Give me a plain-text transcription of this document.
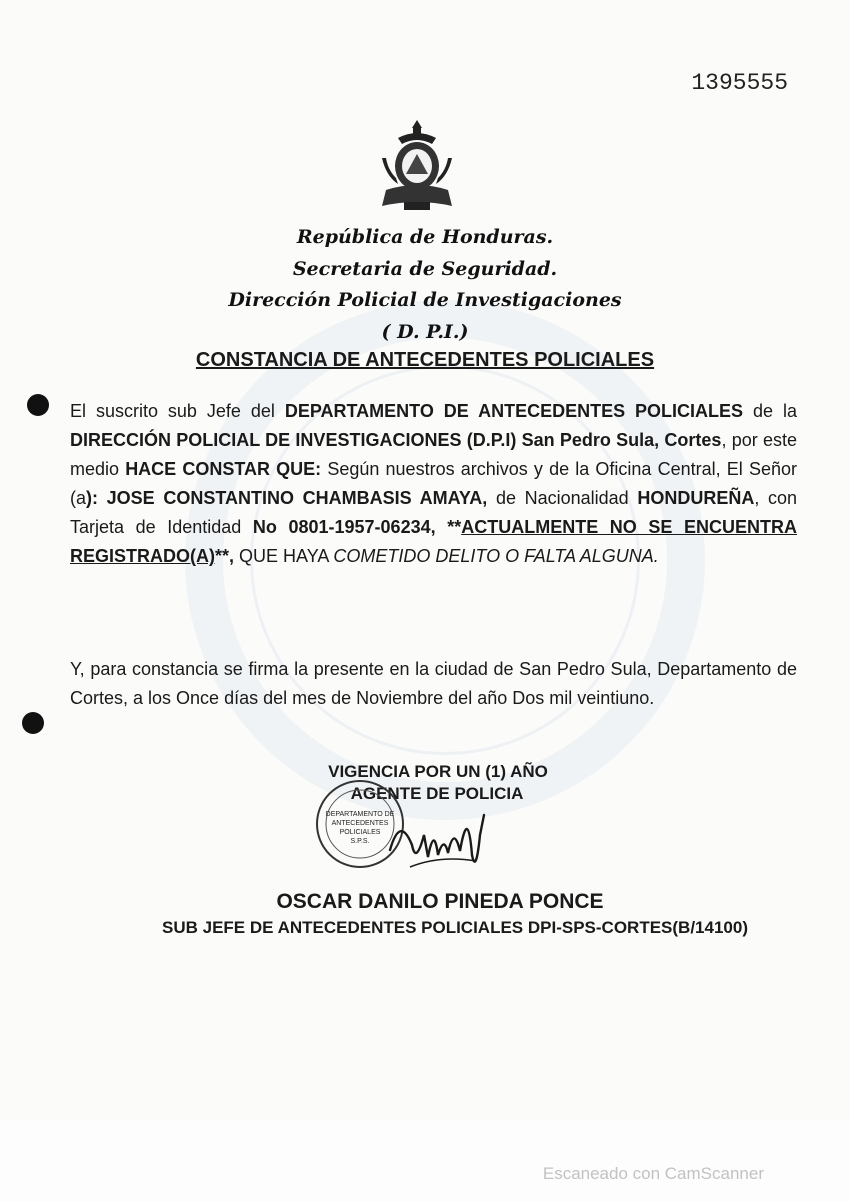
1395555
República de Honduras.
Secretaria de Seguridad.
Dirección Policial de Investigaciones
( D. P.I.)
CONSTANCIA DE ANTECEDENTES POLICIALES
El suscrito sub Jefe del DEPARTAMENTO DE ANTECEDENTES POLICIALES de la DIRECCIÓN POLICIAL DE INVESTIGACIONES (D.P.I) San Pedro Sula, Cortes, por este medio HACE CONSTAR QUE: Según nuestros archivos y de la Oficina Central, El Señor (a): JOSE CONSTANTINO CHAMBASIS AMAYA, de Nacionalidad HONDUREÑA, con Tarjeta de Identidad No 0801-1957-06234, **ACTUALMENTE NO SE ENCUENTRA REGISTRADO(A)**, QUE HAYA COMETIDO DELITO O FALTA ALGUNA.
Y, para constancia se firma la presente en la ciudad de San Pedro Sula, Departamento de Cortes, a los Once días del mes de Noviembre del año Dos mil veintiuno.
VIGENCIA POR UN (1) AÑO
AGENTE DE POLICIA
DEPARTAMENTO DE
ANTECEDENTES
POLICIALES
S.P.S.
OSCAR DANILO PINEDA PONCE
SUB JEFE DE ANTECEDENTES POLICIALES DPI-SPS-CORTES(B/14100)
Escaneado con CamScanner
